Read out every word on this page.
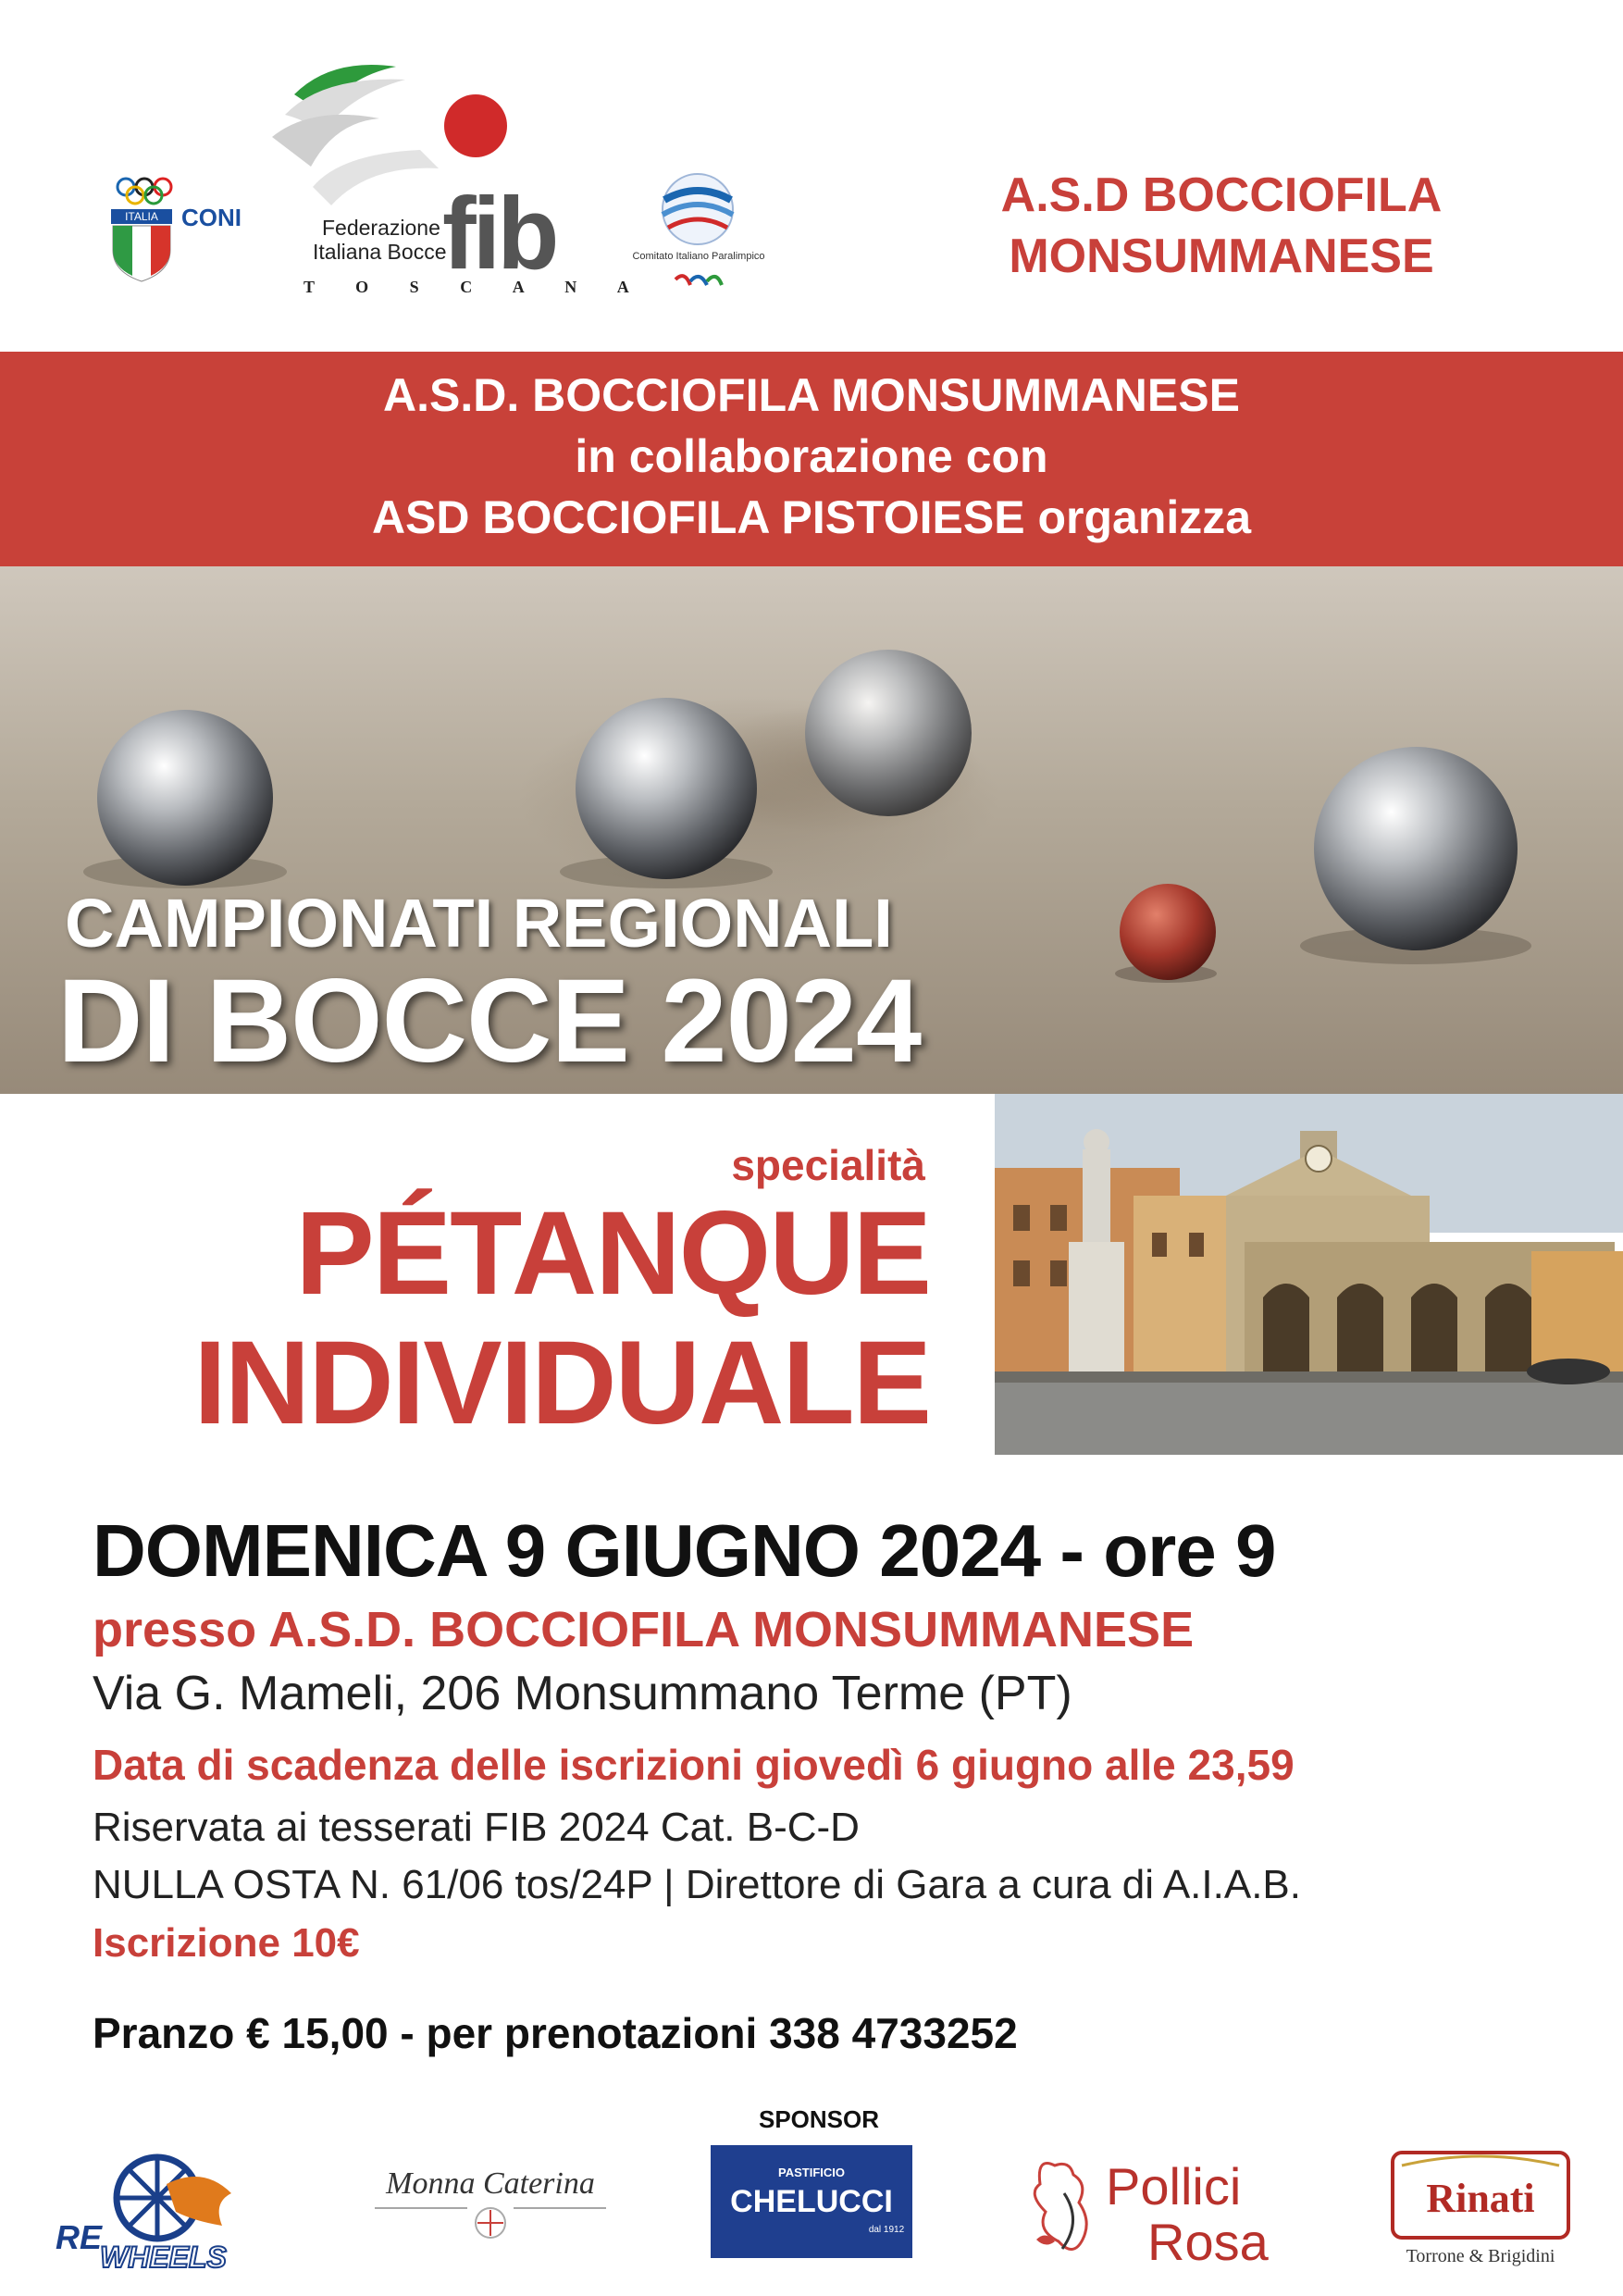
ITALIA CONI	Federazione
Italiana Bocce
fib
T O S C A N A
Comitato Italiano Paralimpico
A.S.D BOCCIOFILA
MONSUMMANESE
A.S.D. BOCCIOFILA MONSUMMANESE
in collaborazione con
ASD BOCCIOFILA PISTOIESE organizza
CAMPIONATI REGIONALI
DI BOCCE 2024
specialità
PÉTANQUE
INDIVIDUALE
DOMENICA 9 GIUGNO 2024 - ore 9
presso A.S.D. BOCCIOFILA MONSUMMANESE
Via G. Mameli, 206 Monsummano Terme (PT)
Data di scadenza delle iscrizioni giovedì 6 giugno alle 23,59
Riservata ai tesserati FIB 2024 Cat. B-C-D
NULLA OSTA N. 61/06 tos/24P | Direttore di Gara a cura di A.I.A.B.
Iscrizione 10€
Pranzo € 15,00 - per prenotazioni 338 4733252
SPONSOR
RE
WHEELS
Monna Caterina	PASTIFICIO
CHELUCCI
dal 1912
Pollici
Rosa
Rinati
Torrone & Brigidini
